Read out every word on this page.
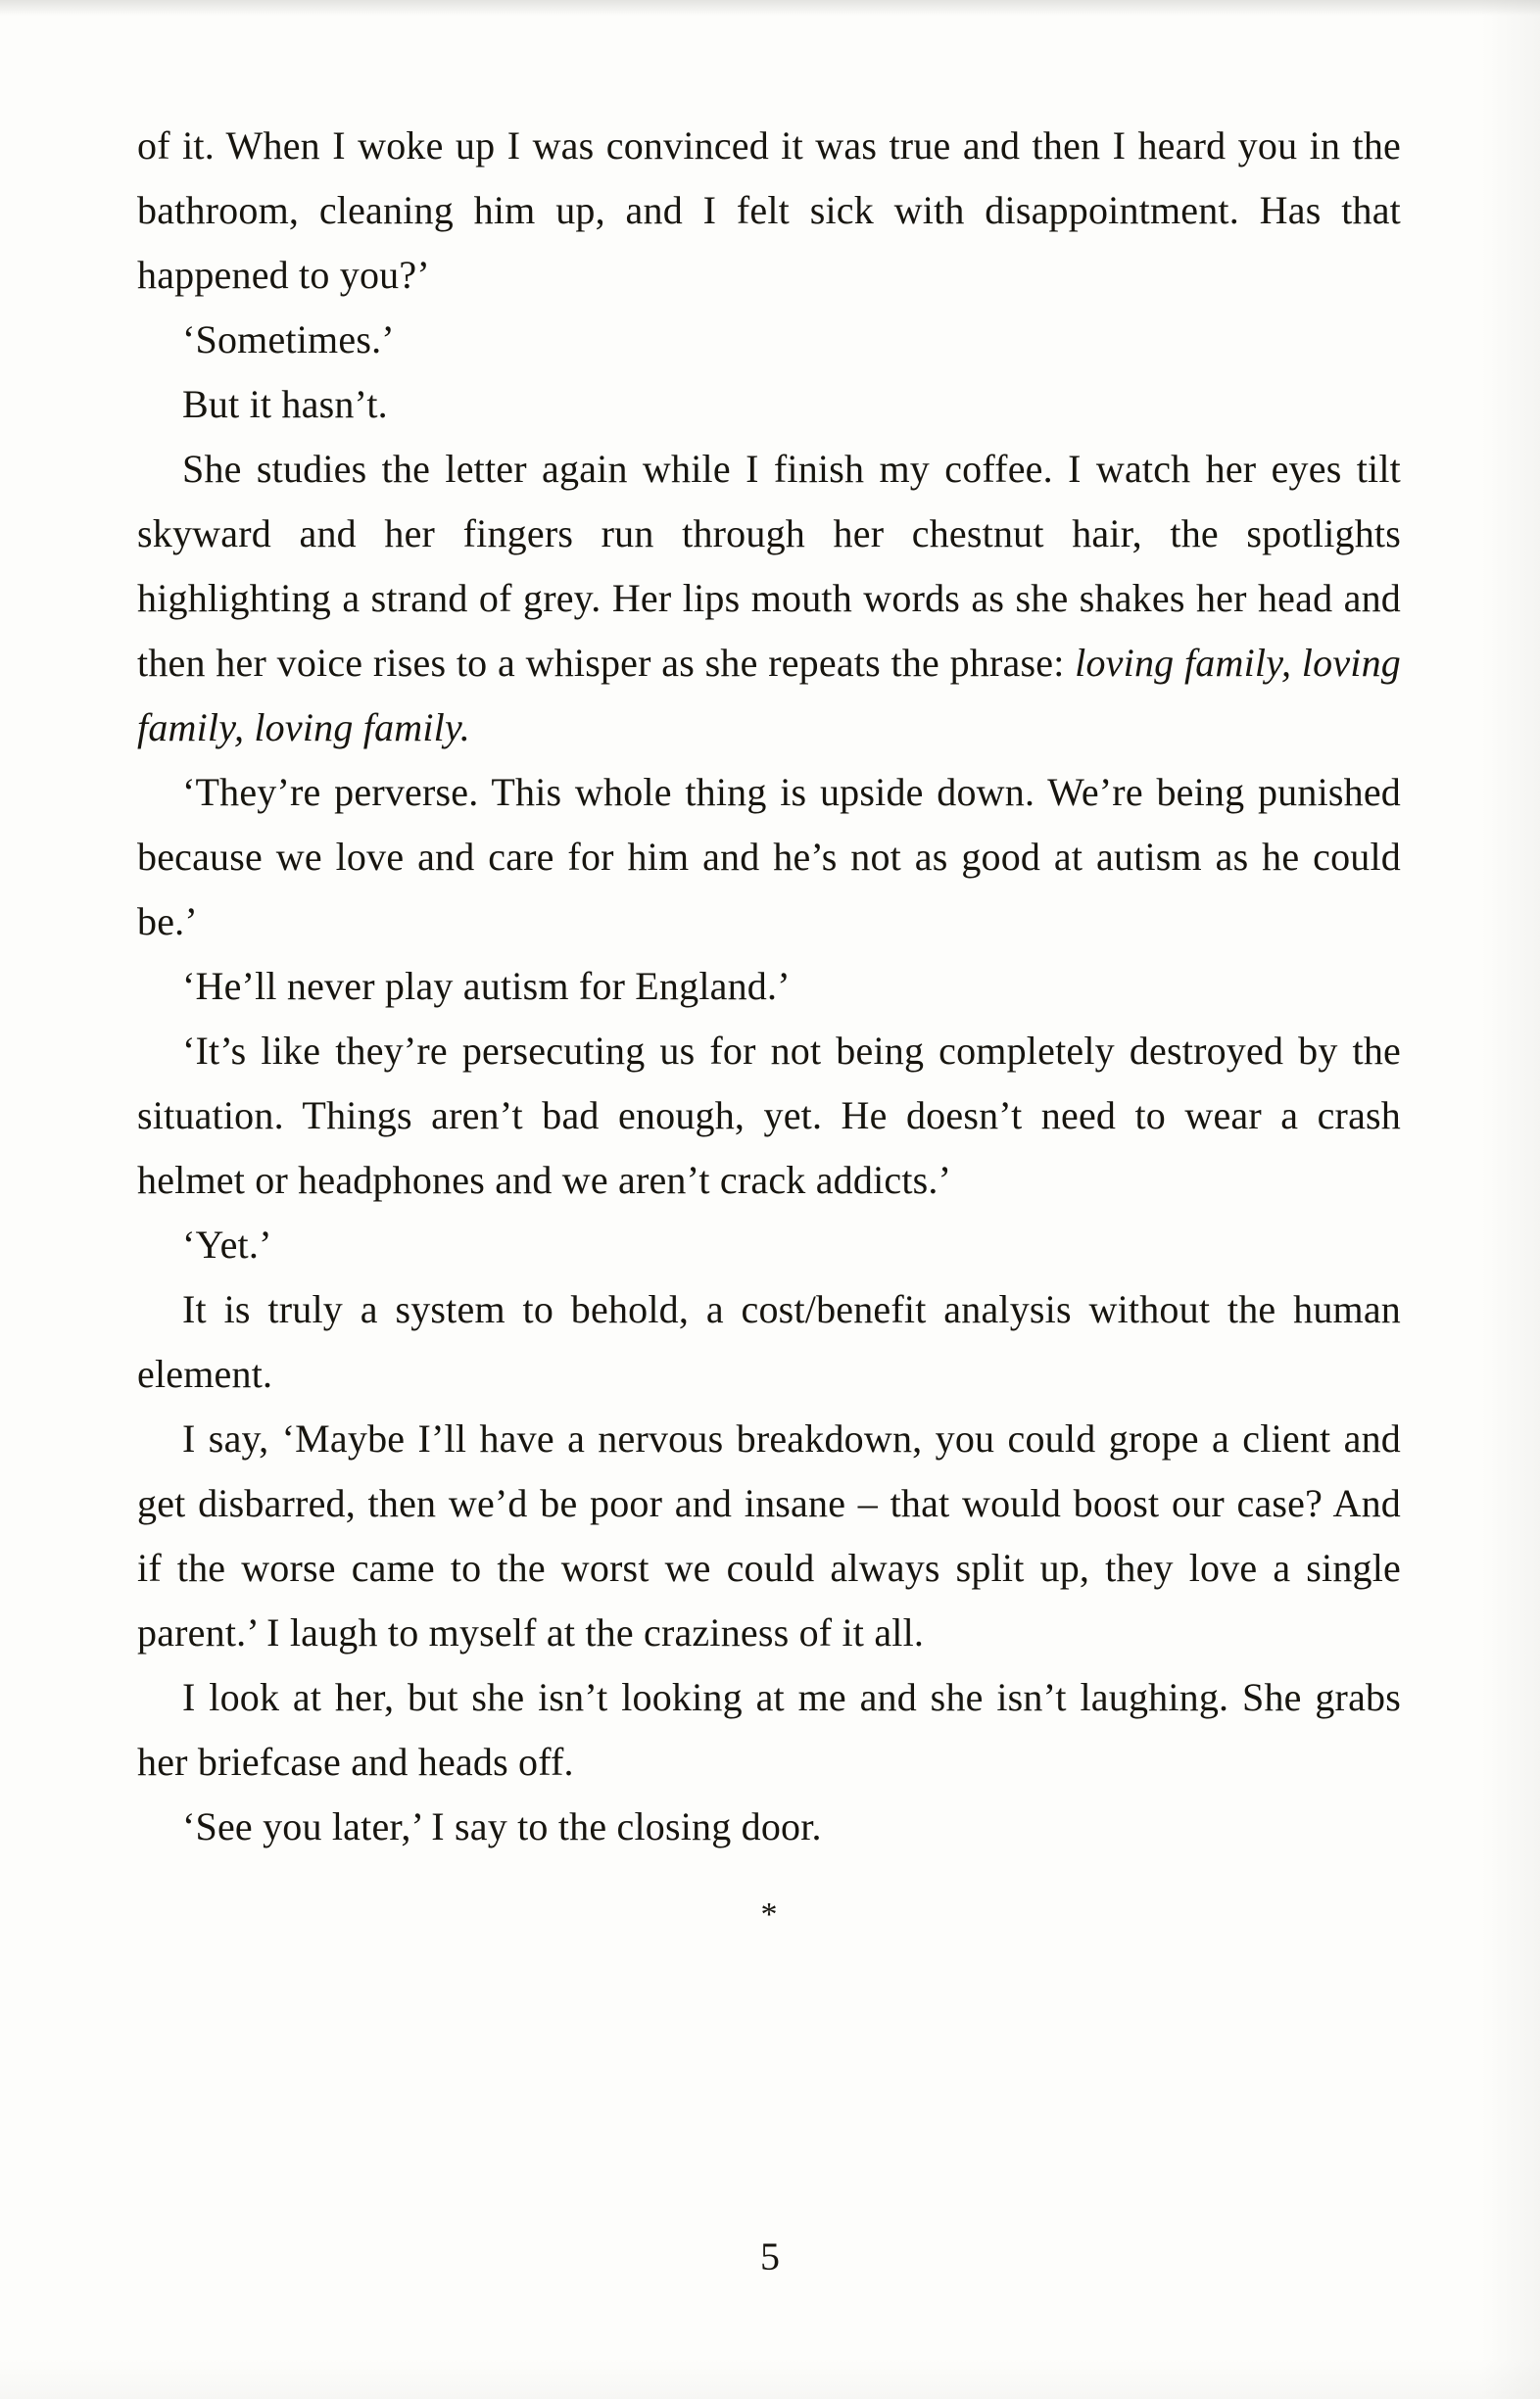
of it. When I woke up I was convinced it was true and then I heard you in the bathroom, cleaning him up, and I felt sick with disappointment. Has that happened to you?’

‘Sometimes.’

But it hasn’t.

She studies the letter again while I finish my coffee. I watch her eyes tilt skyward and her fingers run through her chestnut hair, the spotlights highlighting a strand of grey. Her lips mouth words as she shakes her head and then her voice rises to a whisper as she repeats the phrase: loving family, loving family, loving family.

‘They’re perverse. This whole thing is upside down. We’re being punished because we love and care for him and he’s not as good at autism as he could be.’

‘He’ll never play autism for England.’

‘It’s like they’re persecuting us for not being completely destroyed by the situation. Things aren’t bad enough, yet. He doesn’t need to wear a crash helmet or headphones and we aren’t crack addicts.’

‘Yet.’

It is truly a system to behold, a cost/benefit analysis without the human element.

I say, ‘Maybe I’ll have a nervous breakdown, you could grope a client and get disbarred, then we’d be poor and insane – that would boost our case? And if the worse came to the worst we could always split up, they love a single parent.’ I laugh to myself at the craziness of it all.

I look at her, but she isn’t looking at me and she isn’t laughing. She grabs her briefcase and heads off.

‘See you later,’ I say to the closing door.

*
5
